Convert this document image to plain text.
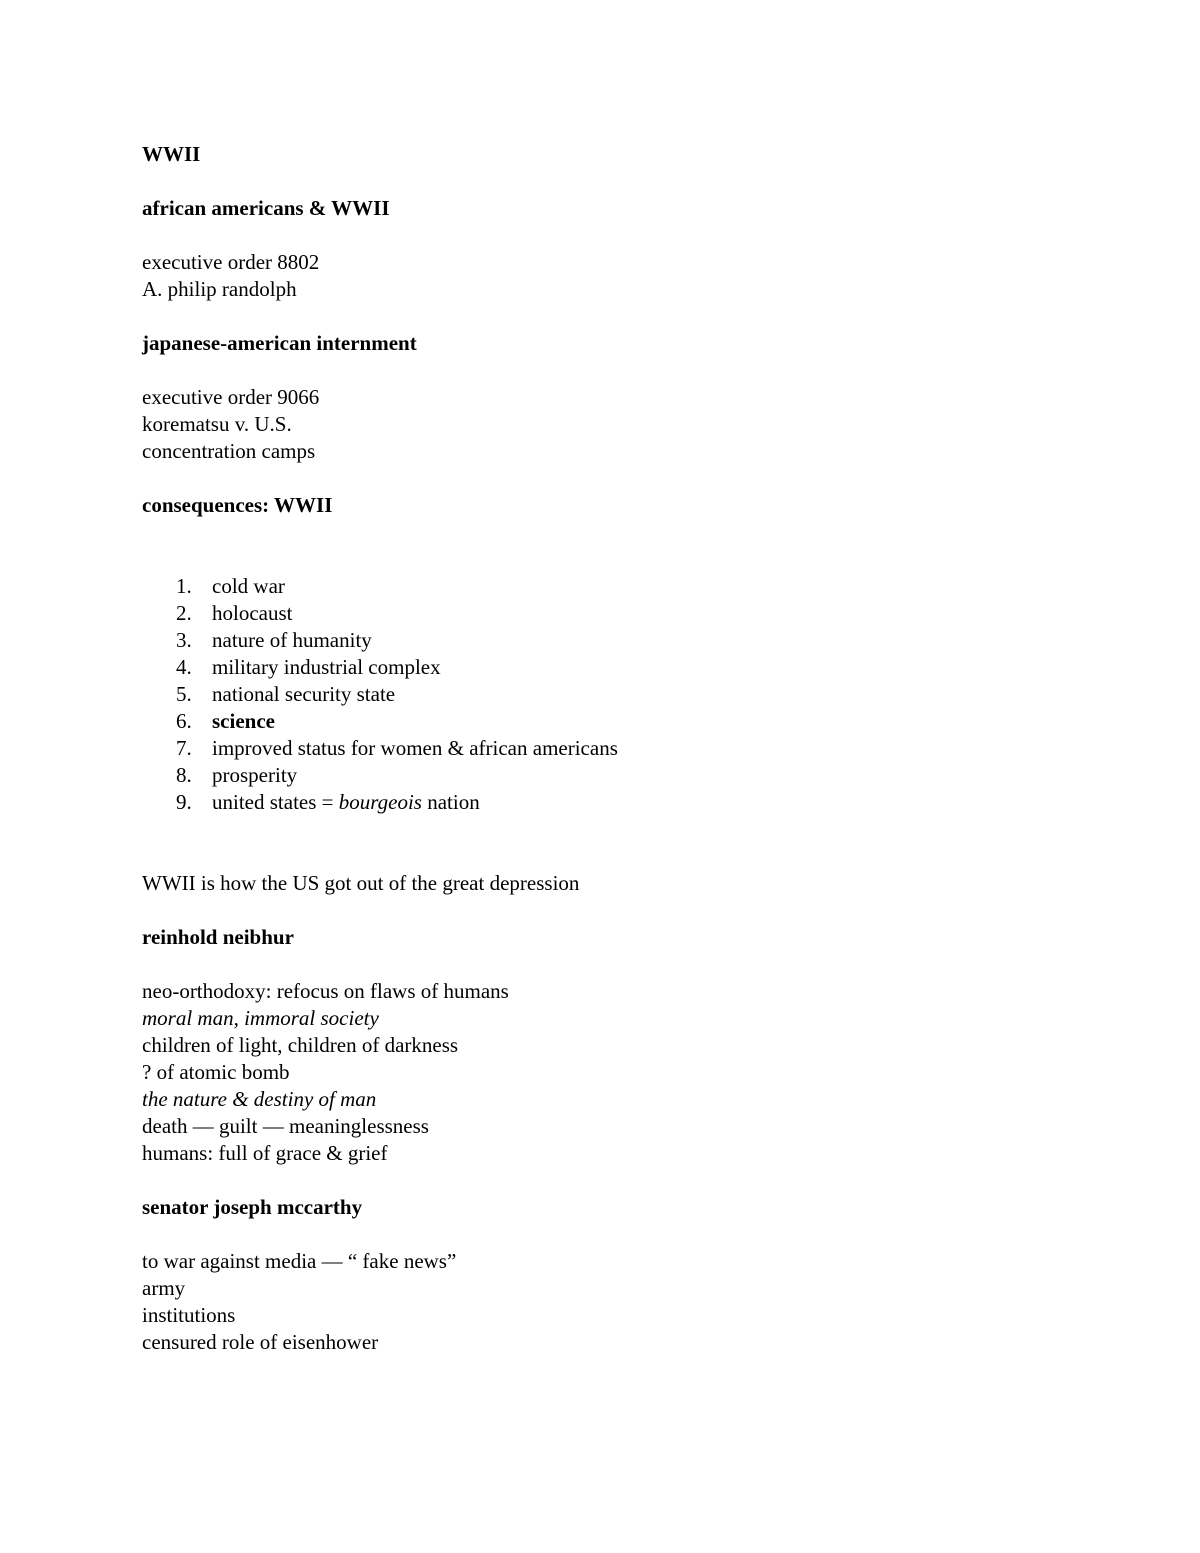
WWII
african americans & WWII
executive order 8802
A. philip randolph
japanese-american internment
executive order 9066
korematsu v. U.S.
concentration camps
consequences: WWII
1. cold war
2. holocaust
3. nature of humanity
4. military industrial complex
5. national security state
6. science
7. improved status for women & african americans
8. prosperity
9. united states = bourgeois nation
WWII is how the US got out of the great depression
reinhold neibhur
neo-orthodoxy: refocus on flaws of humans
moral man, immoral society
children of light, children of darkness
? of atomic bomb
the nature & destiny of man
death — guilt — meaninglessness
humans: full of grace & grief
senator joseph mccarthy
to war against media — “ fake news”
army
institutions
censured role of eisenhower
